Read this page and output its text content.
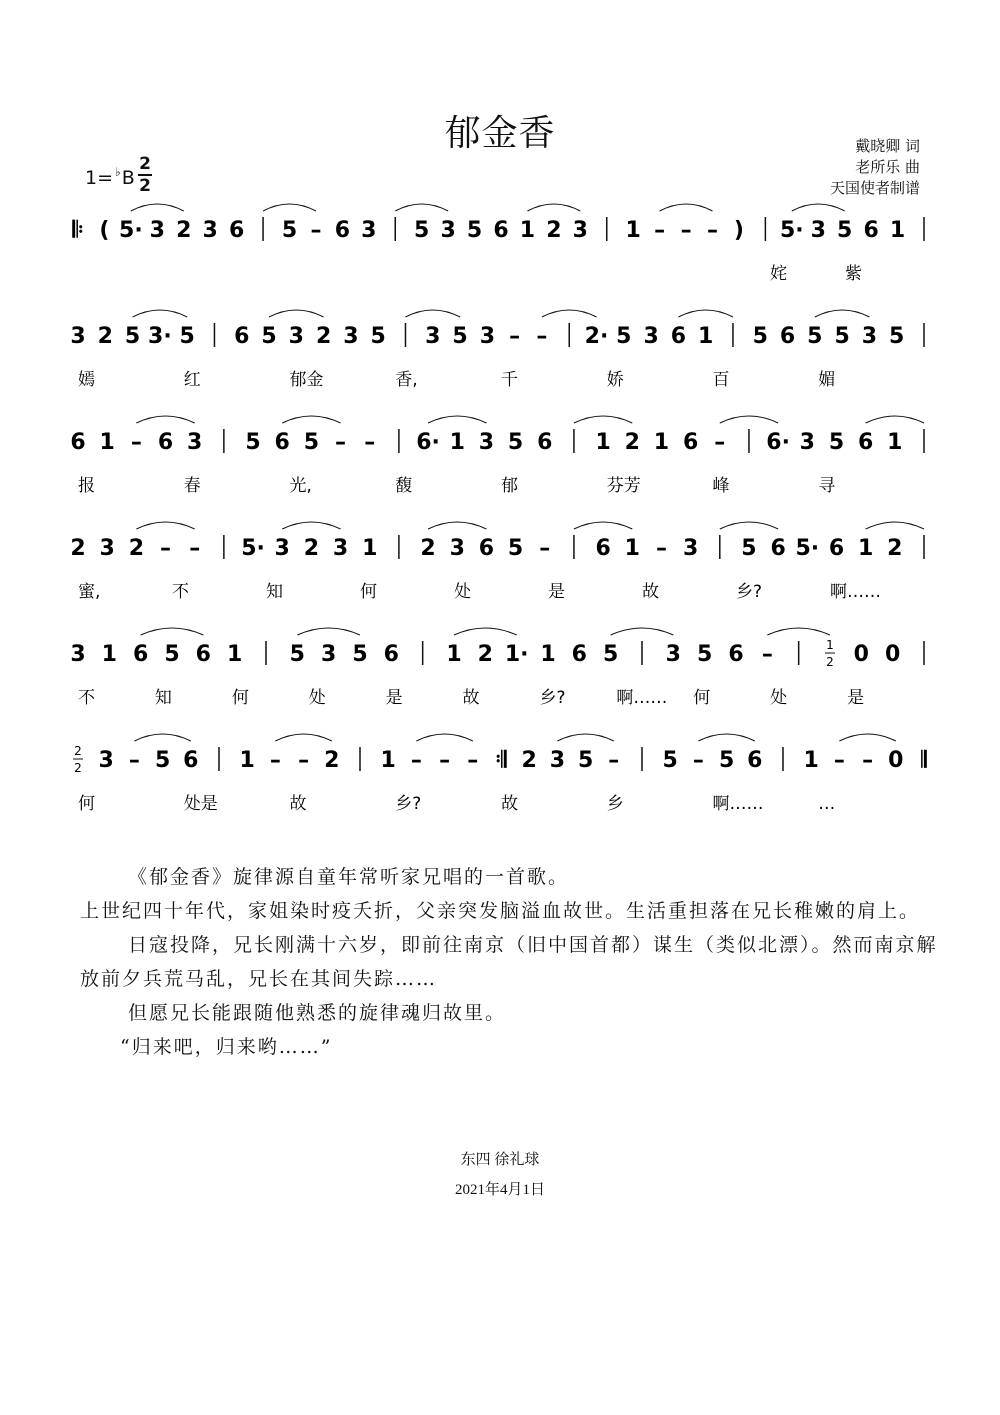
郁金香	戴晓卿 词
老所乐 曲
天国使者制谱
1= ♭B
2
2
𝄆 ( 5· 3 2 3 6 5 – 6 3 5 3 5 6 1 2 3 1 – – – ) 5· 3 5 6 1
姹	紫
3 2 5 3· 5 6 5 3 2 3 5 3 5 3 – – 2· 5 3 6 1 5 6 5 5 3 5
嫣	红	郁金	香,	千	娇	百	媚
6 1 – 6 3 5 6 5 – – 6· 1 3 5 6 1 2 1 6 – 6· 3 5 6 1
报	春	光,	馥	郁	芬芳	峰	寻
2 3 2 – – 5· 3 2 3 1 2 3 6 5 – 6 1 – 3 5 6 5· 6 1 2
蜜,	不	知	何	处	是	故	乡?	啊……
3 1 6 5 6 1 5 3 5 6 1 2 1· 1 6 5 3 5 6 –	1
2 0 0
不	知	何	处	是	故	乡?	啊…… 何	处	是
2
2 3 – 5 6 1 – – 2 1 – – – 𝄇 2 3 5 – 5 – 5 6 1 – – 0 𝄂
何	处是	故	乡?	故	乡	啊……	…

《郁金香》旋律源自童年常听家兄唱的一首歌。

上世纪四十年代，家姐染时疫夭折，父亲突发脑溢血故世。生活重担落在兄长稚嫩的肩上。

日寇投降，兄长刚满十六岁，即前往南京（旧中国首都）谋生（类似北漂）。然而南京解放前夕兵荒马乱，兄长在其间失踪……

但愿兄长能跟随他熟悉的旋律魂归故里。

“归来吧，归来哟……”

东四 徐礼球
2021年4月1日
